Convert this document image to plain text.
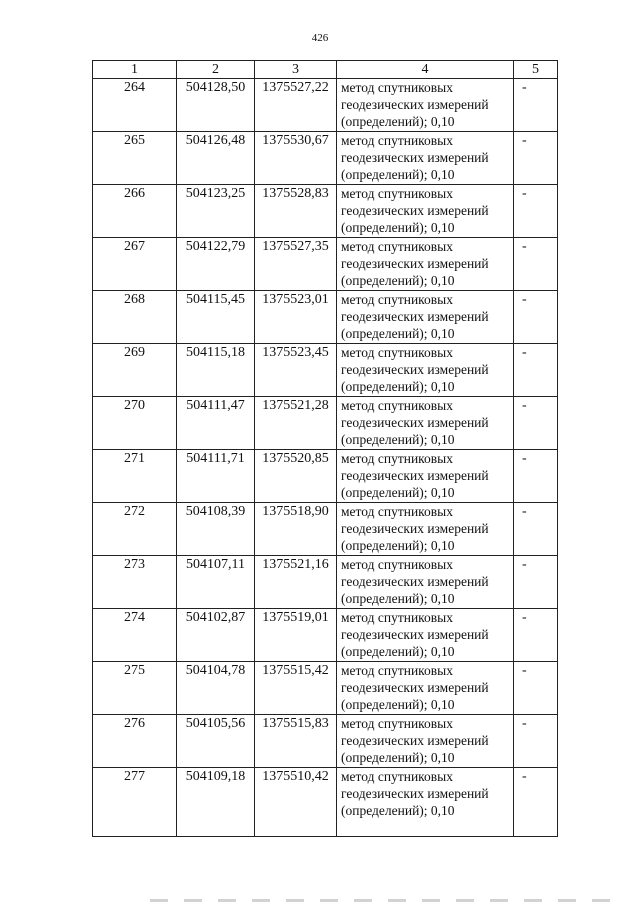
426
1	2	3	4	5
264	504128,50	1375527,22	метод спутниковых
геодезических измерений
(определений); 0,10	-
265	504126,48	1375530,67	метод спутниковых
геодезических измерений
(определений); 0,10	-
266	504123,25	1375528,83	метод спутниковых
геодезических измерений
(определений); 0,10	-
267	504122,79	1375527,35	метод спутниковых
геодезических измерений
(определений); 0,10	-
268	504115,45	1375523,01	метод спутниковых
геодезических измерений
(определений); 0,10	-
269	504115,18	1375523,45	метод спутниковых
геодезических измерений
(определений); 0,10	-
270	504111,47	1375521,28	метод спутниковых
геодезических измерений
(определений); 0,10	-
271	504111,71	1375520,85	метод спутниковых
геодезических измерений
(определений); 0,10	-
272	504108,39	1375518,90	метод спутниковых
геодезических измерений
(определений); 0,10	-
273	504107,11	1375521,16	метод спутниковых
геодезических измерений
(определений); 0,10	-
274	504102,87	1375519,01	метод спутниковых
геодезических измерений
(определений); 0,10	-
275	504104,78	1375515,42	метод спутниковых
геодезических измерений
(определений); 0,10	-
276	504105,56	1375515,83	метод спутниковых
геодезических измерений
(определений); 0,10	-
277	504109,18	1375510,42	метод спутниковых
геодезических измерений
(определений); 0,10	-
